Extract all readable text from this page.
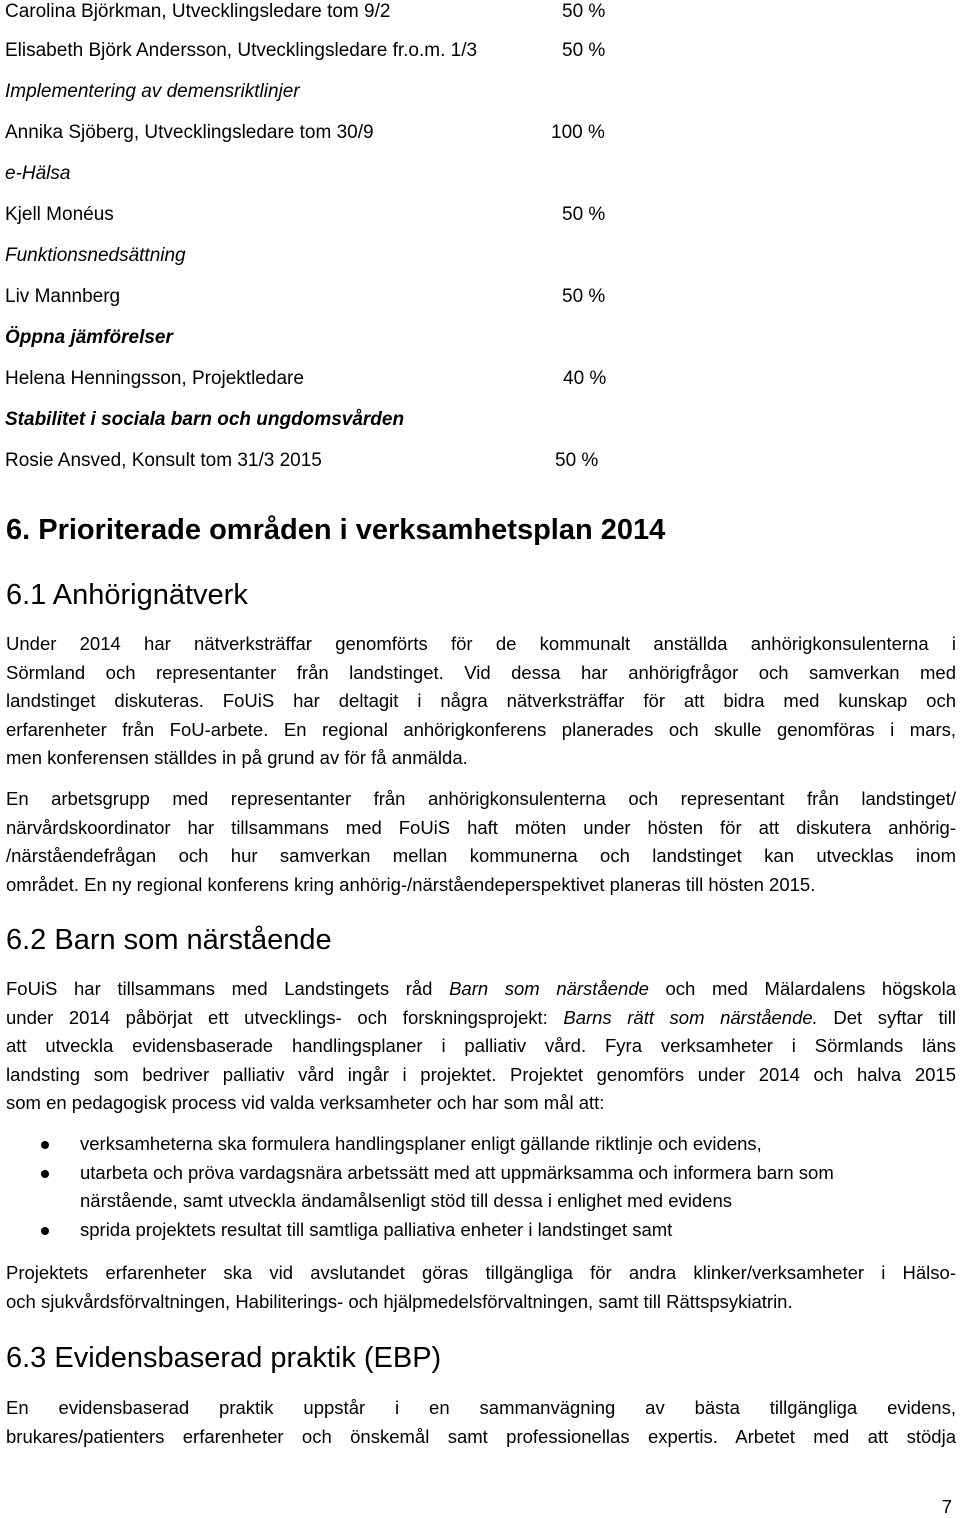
Carolina Björkman, Utvecklingsledare tom 9/2	50 %
Elisabeth Björk Andersson, Utvecklingsledare fr.o.m. 1/3	50 %
Implementering av demensriktlinjer
Annika Sjöberg, Utvecklingsledare tom 30/9	100 %
e-Hälsa
Kjell Monéus	50 %
Funktionsnedsättning
Liv Mannberg	50 %
Öppna jämförelser
Helena Henningsson, Projektledare	40 %
Stabilitet i sociala barn och ungdomsvården
Rosie Ansved, Konsult tom 31/3 2015	50 %
6. Prioriterade områden i verksamhetsplan 2014
6.1 Anhörignätverk
Under 2014 har nätverksträffar genomförts för de kommunalt anställda anhörigkonsulenterna i
Sörmland och representanter från landstinget. Vid dessa har anhörigfrågor och samverkan med
landstinget diskuteras. FoUiS har deltagit i några nätverksträffar för att bidra med kunskap och
erfarenheter från FoU-arbete. En regional anhörigkonferens planerades och skulle genomföras i mars,
men konferensen ställdes in på grund av för få anmälda.
En arbetsgrupp med representanter från anhörigkonsulenterna och representant från landstinget/
närvårdskoordinator har tillsammans med FoUiS haft möten under hösten för att diskutera anhörig-
/närståendefrågan och hur samverkan mellan kommunerna och landstinget kan utvecklas inom
området. En ny regional konferens kring anhörig-/närståendeperspektivet planeras till hösten 2015.
6.2 Barn som närstående
FoUiS har tillsammans med Landstingets råd Barn som närstående och med Mälardalens högskola
under 2014 påbörjat ett utvecklings- och forskningsprojekt: Barns rätt som närstående. Det syftar till
att utveckla evidensbaserade handlingsplaner i palliativ vård. Fyra verksamheter i Sörmlands läns
landsting som bedriver palliativ vård ingår i projektet. Projektet genomförs under 2014 och halva 2015
som en pedagogisk process vid valda verksamheter och har som mål att:
verksamheterna ska formulera handlingsplaner enligt gällande riktlinje och evidens,
utarbeta och pröva vardagsnära arbetssätt med att uppmärksamma och informera barn som
närstående, samt utveckla ändamålsenligt stöd till dessa i enlighet med evidens
sprida projektets resultat till samtliga palliativa enheter i landstinget samt
Projektets erfarenheter ska vid avslutandet göras tillgängliga för andra klinker/verksamheter i Hälso-
och sjukvårdsförvaltningen, Habiliterings- och hjälpmedelsförvaltningen, samt till Rättspsykiatrin.
6.3 Evidensbaserad praktik (EBP)
En evidensbaserad praktik uppstår i en sammanvägning av bästa tillgängliga evidens,
brukares/patienters erfarenheter och önskemål samt professionellas expertis. Arbetet med att stödja
7
